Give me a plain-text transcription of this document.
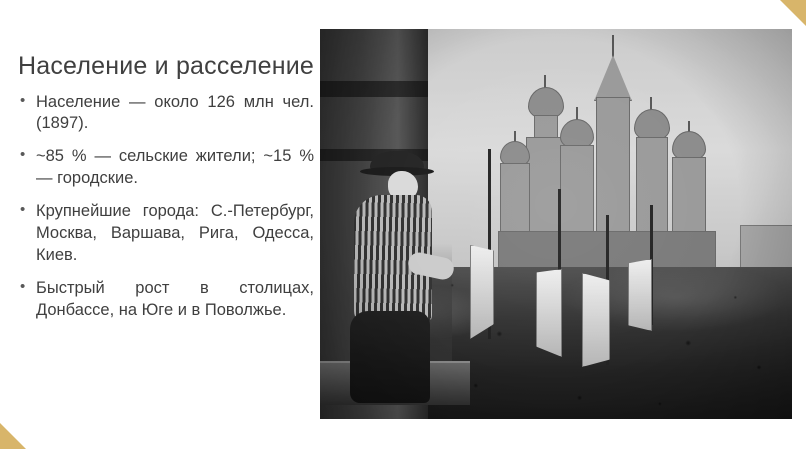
Население и расселение
• Население — около 126 млн чел. (1897).
• ~85 % — сельские жители; ~15 % — городские.
• Крупнейшие города: С.-Петербург, Москва, Варшава, Рига, Одесса, Киев.
• Быстрый рост в столицах, Донбассе, на Юге и в Поволжье.
